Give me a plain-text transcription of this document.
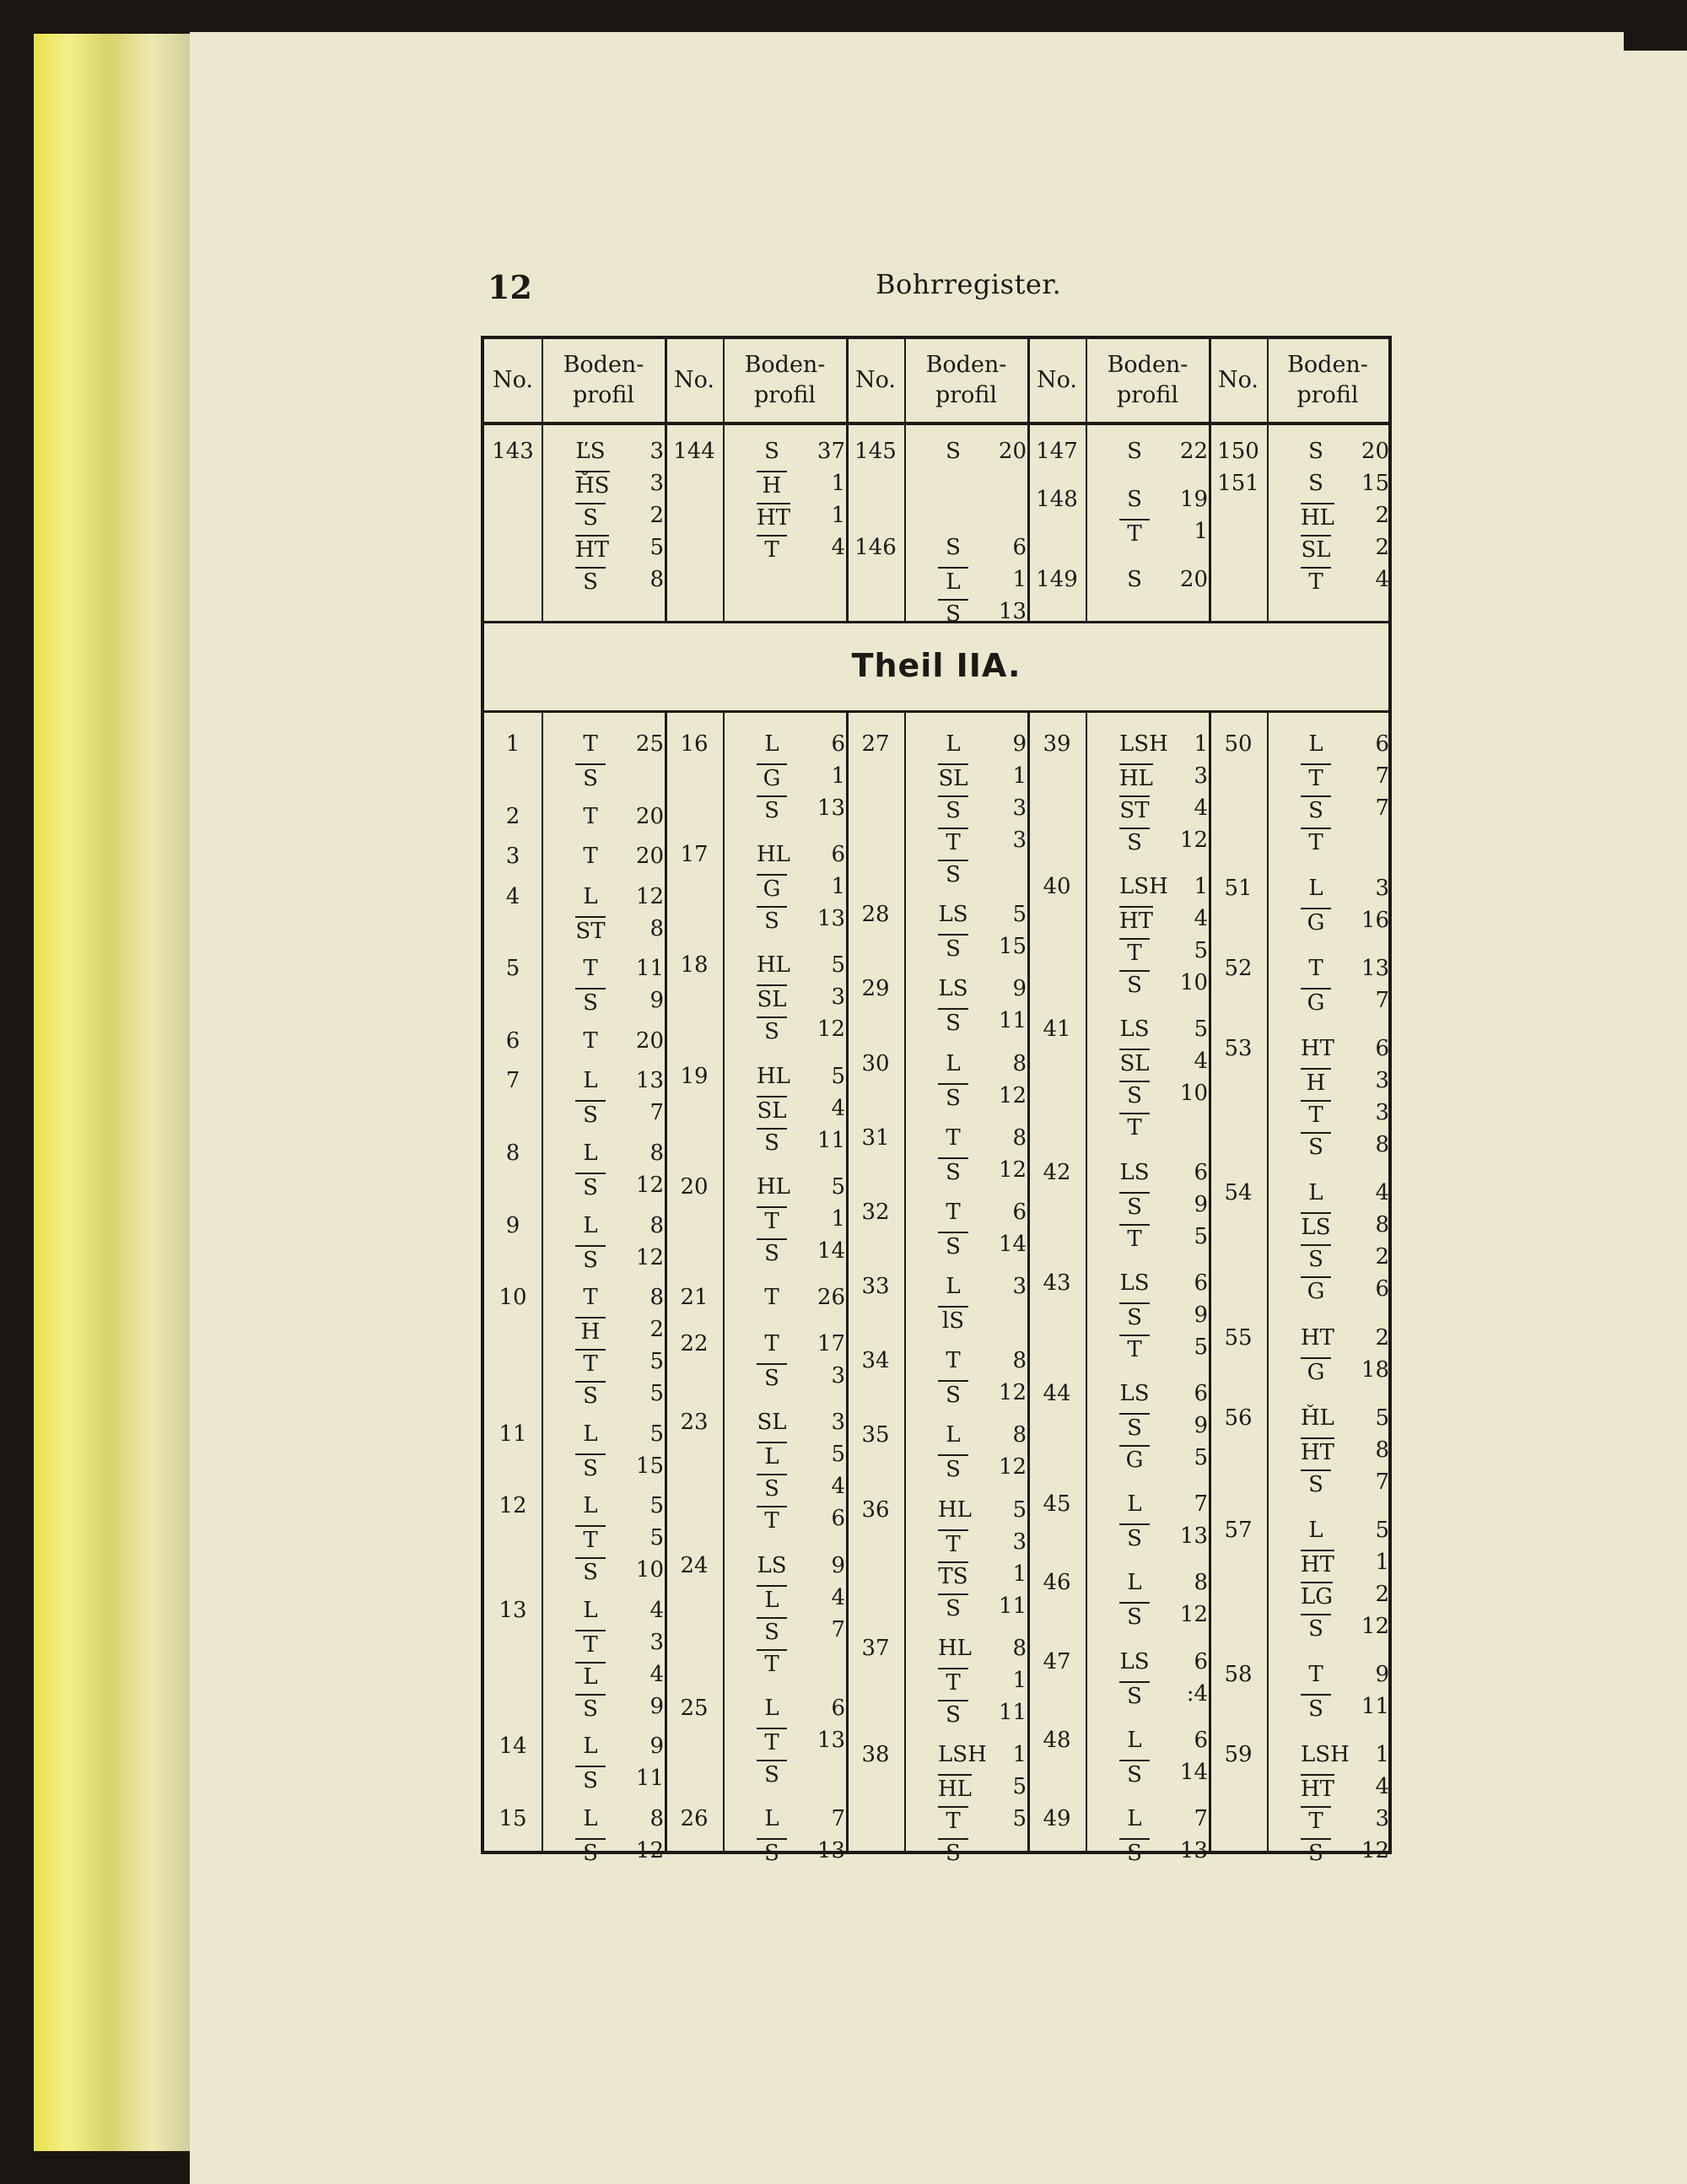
12	Bohrregister.
No.
Boden-
profil
No.
Boden-
profil
No.
Boden-
profil
No.
Boden-
profil
No.
Boden-
profil
Theil IIA.
143 ĽS	3
ȞS	3
S	2
HT	5
S	8
144	S	37
H	1
HT	1
T	4
145	S	20
146	S	6
L	1
S	13
147	S	22
148	S	19
T	1
149	S	20
150	S	20
151	S	15
HL	2
SL	2
T	4
1	T	25
S
2	T	20
3	T	20
4	L	12
ST	8
5	T	11
S	9
6	T	20
7	L	13
S	7
8	L	8
S	12
9	L	8
S	12
10	T	8
H	2
T	5
S	5
11	L	5
S	15
12	L	5
T	5
S	10
13	L	4
T	3
L	4
S	9
14	L	9
S	11
15	L	8
S	12
16	L	6
G	1
S	13
17	HL	6
G	1
S	13
18	HL	5
SL	3
S	12
19	HL	5
SL	4
S	11
20	HL	5
T	1
S	14
21	T	26
22	T	17
S	3
23	SL	3
L	5
S	4
T	6
24	LS	9
L	4
S	7
T
25	L	6
T	13
S
26	L	7
S	13
27	L	9
SL	1
S	3
T	3
S
28	LS	5
S	15
29	LS	9
S	11
30	L	8
S	12
31	T	8
S	12
32	T	6
S	14
33	L	3
lS
34	T	8
S	12
35	L	8
S	12
36	HL	5
T	3
TS	1
S	11
37	HL	8
T	1
S	11
38	LSH	1
HL	5
T	5
S
39	LSH	1
HL	3
ST	4
S	12
40	LSH	1
HT	4
T	5
S	10
41	LS	5
SL	4
S	10
T
42	LS	6
S	9
T	5
43	LS	6
S	9
T	5
44	LS	6
S	9
G	5
45	L	7
S	13
46	L	8
S	12
47	LS	6
S	:4
48	L	6
S	14
49	L	7
S	13
50	L	6
T	7
S	7
T
51	L	3
G	16
52	T	13
G	7
53	HT	6
H	3
T	3
S	8
54	L	4
LS	8
S	2
G	6
55	HT	2
G	18
56	ȞL	5
HT	8
S	7
57	L	5
HT	1
LG	2
S	12
58	T	9
S	11
59	LSH	1
HT	4
T	3
S	12
